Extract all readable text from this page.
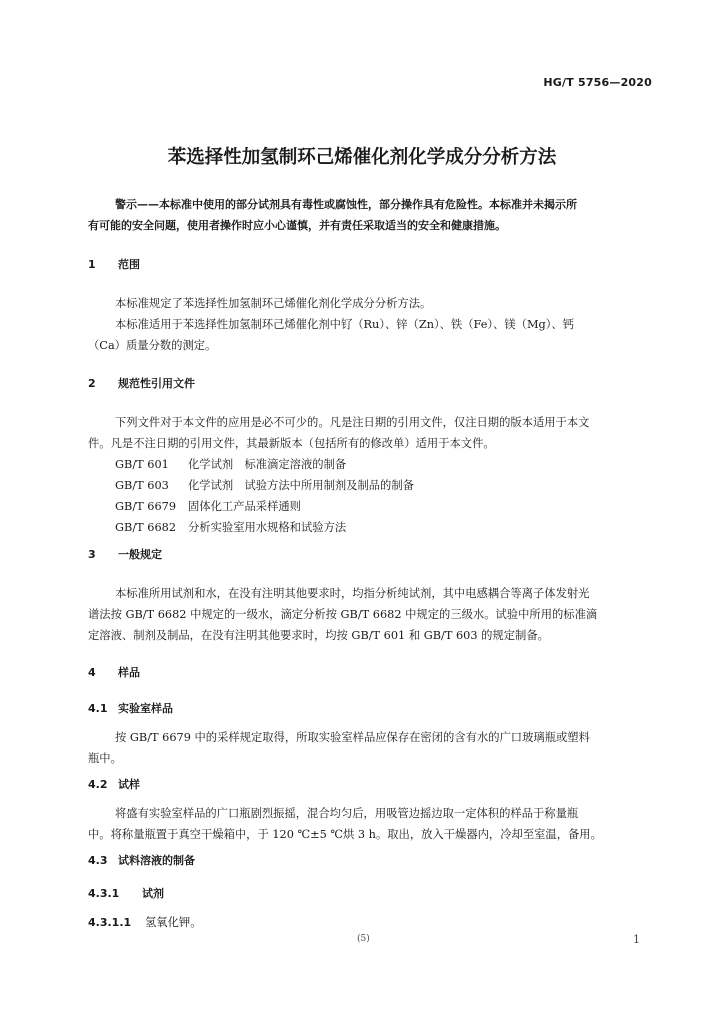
HG/T 5756—2020
苯选择性加氢制环己烯催化剂化学成分分析方法
警示——本标准中使用的部分试剂具有毒性或腐蚀性，部分操作具有危险性。本标准并未揭示所
有可能的安全问题，使用者操作时应小心谨慎，并有责任采取适当的安全和健康措施。
1 范围
本标准规定了苯选择性加氢制环己烯催化剂化学成分分析方法。
本标准适用于苯选择性加氢制环己烯催化剂中钌（Ru）、锌（Zn）、铁（Fe）、镁（Mg）、钙
（Ca）质量分数的测定。
2 规范性引用文件
下列文件对于本文件的应用是必不可少的。凡是注日期的引用文件，仅注日期的版本适用于本文
件。凡是不注日期的引用文件，其最新版本（包括所有的修改单）适用于本文件。
GB/T 601 化学试剂　标准滴定溶液的制备
GB/T 603 化学试剂　试验方法中所用制剂及制品的制备
GB/T 6679 固体化工产品采样通则
GB/T 6682 分析实验室用水规格和试验方法
3 一般规定
本标准所用试剂和水，在没有注明其他要求时，均指分析纯试剂，其中电感耦合等离子体发射光
谱法按 GB/T 6682 中规定的一级水，滴定分析按 GB/T 6682 中规定的三级水。试验中所用的标准滴
定溶液、制剂及制品，在没有注明其他要求时，均按 GB/T 601 和 GB/T 603 的规定制备。
4 样品
4.1 实验室样品
按 GB/T 6679 中的采样规定取得，所取实验室样品应保存在密闭的含有水的广口玻璃瓶或塑料
瓶中。
4.2 试样
将盛有实验室样品的广口瓶剧烈振摇，混合均匀后，用吸管边摇边取一定体积的样品于称量瓶
中。将称量瓶置于真空干燥箱中，于 120 ℃±5 ℃烘 3 h。取出，放入干燥器内，冷却至室温，备用。
4.3 试料溶液的制备
4.3.1 试剂
4.3.1.1 氢氧化钾。
(5)	1
